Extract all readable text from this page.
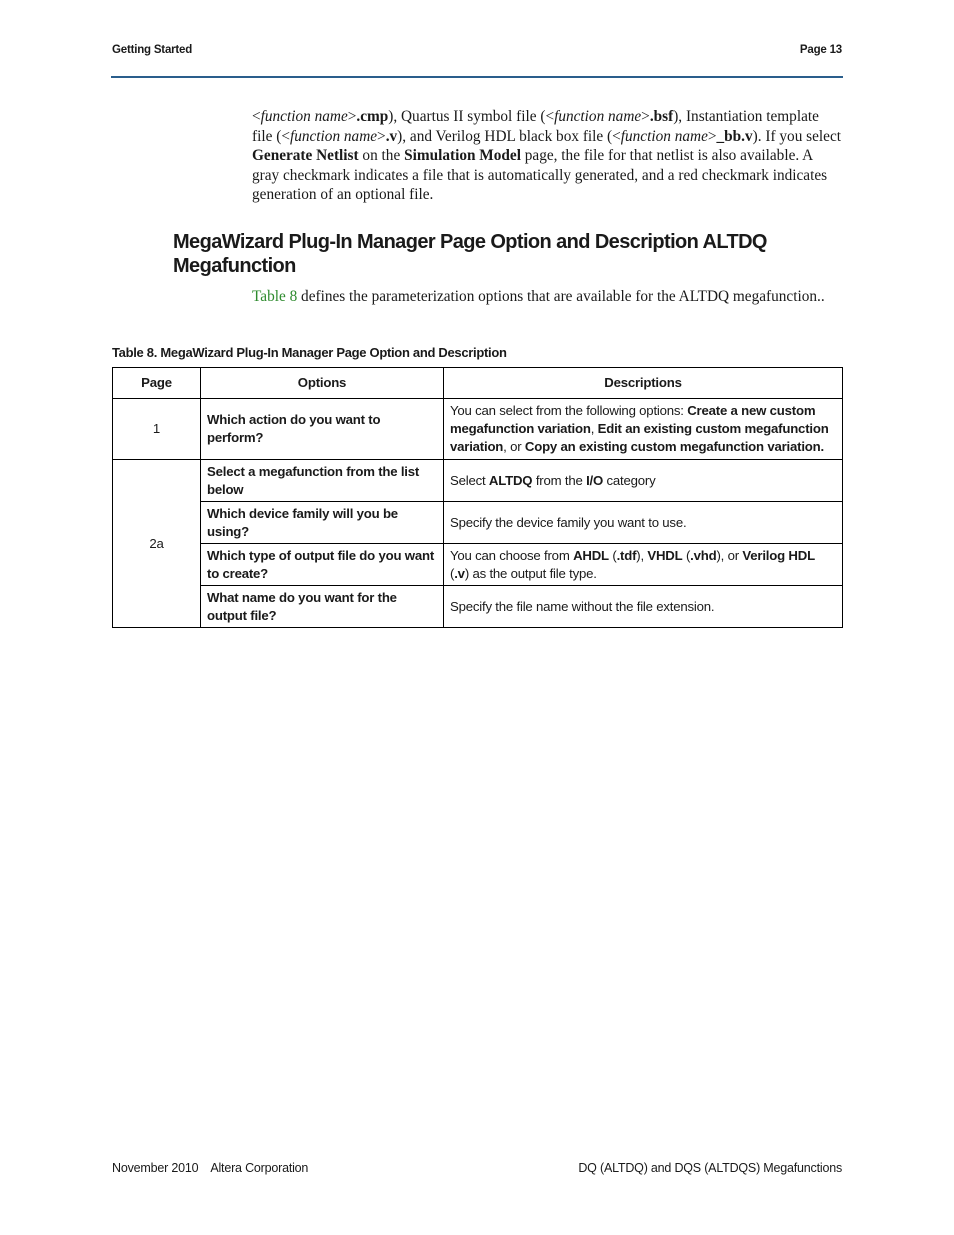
Getting Started	Page 13
<function name>.cmp), Quartus II symbol file (<function name>.bsf), Instantiation template file (<function name>.v), and Verilog HDL black box file (<function name>_bb.v). If you select Generate Netlist on the Simulation Model page, the file for that netlist is also available. A gray checkmark indicates a file that is automatically generated, and a red checkmark indicates generation of an optional file.
MegaWizard Plug-In Manager Page Option and Description ALTDQ Megafunction
Table 8 defines the parameterization options that are available for the ALTDQ megafunction..
Table 8. MegaWizard Plug-In Manager Page Option and Description
Page	Options	Descriptions
1	Which action do you want to perform?	You can select from the following options: Create a new custom megafunction variation, Edit an existing custom megafunction variation, or Copy an existing custom megafunction variation.
2a	Select a megafunction from the list below	Select ALTDQ from the I/O category
	Which device family will you be using?	Specify the device family you want to use.
	Which type of output file do you want to create?	You can choose from AHDL (.tdf), VHDL (.vhd), or Verilog HDL (.v) as the output file type.
	What name do you want for the output file?	Specify the file name without the file extension.
November 2010 Altera Corporation	DQ (ALTDQ) and DQS (ALTDQS) Megafunctions
